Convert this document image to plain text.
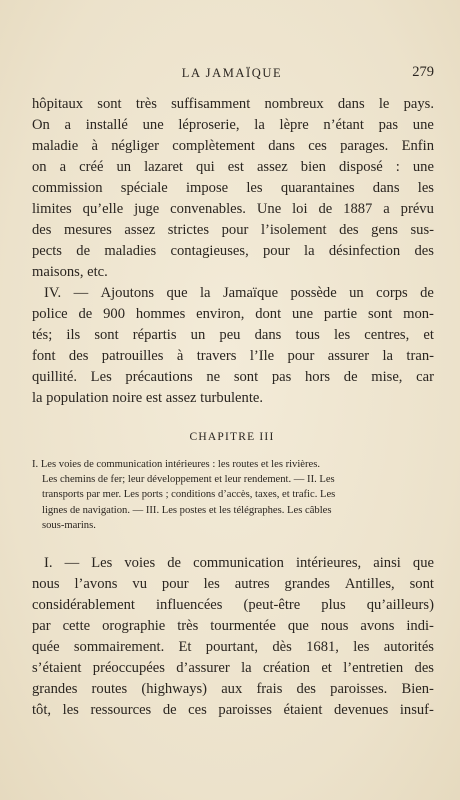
LA JAMAÏQUE	279
hôpitaux sont très suffisamment nombreux dans le pays.
On a installé une léproserie, la lèpre n’étant pas une
maladie à négliger complètement dans ces parages. Enfin
on a créé un lazaret qui est assez bien disposé : une
commission spéciale impose les quarantaines dans les
limites qu’elle juge convenables. Une loi de 1887 a prévu
des mesures assez strictes pour l’isolement des gens sus-
pects de maladies contagieuses, pour la désinfection des
maisons, etc.
IV. — Ajoutons que la Jamaïque possède un corps de
police de 900 hommes environ, dont une partie sont mon-
tés; ils sont répartis un peu dans tous les centres, et
font des patrouilles à travers l’Ile pour assurer la tran-
quillité. Les précautions ne sont pas hors de mise, car
la population noire est assez turbulente.
CHAPITRE III
I. Les voies de communication intérieures : les routes et les rivières.
Les chemins de fer; leur développement et leur rendement. — II. Les
transports par mer. Les ports ; conditions d’accès, taxes, et trafic. Les
lignes de navigation. — III. Les postes et les télégraphes. Les câbles
sous-marins.
I. — Les voies de communication intérieures, ainsi que
nous l’avons vu pour les autres grandes Antilles, sont
considérablement influencées (peut-être plus qu’ailleurs)
par cette orographie très tourmentée que nous avons indi-
quée sommairement. Et pourtant, dès 1681, les autorités
s’étaient préoccupées d’assurer la création et l’entretien des
grandes routes (highways) aux frais des paroisses. Bien-
tôt, les ressources de ces paroisses étaient devenues insuf-
